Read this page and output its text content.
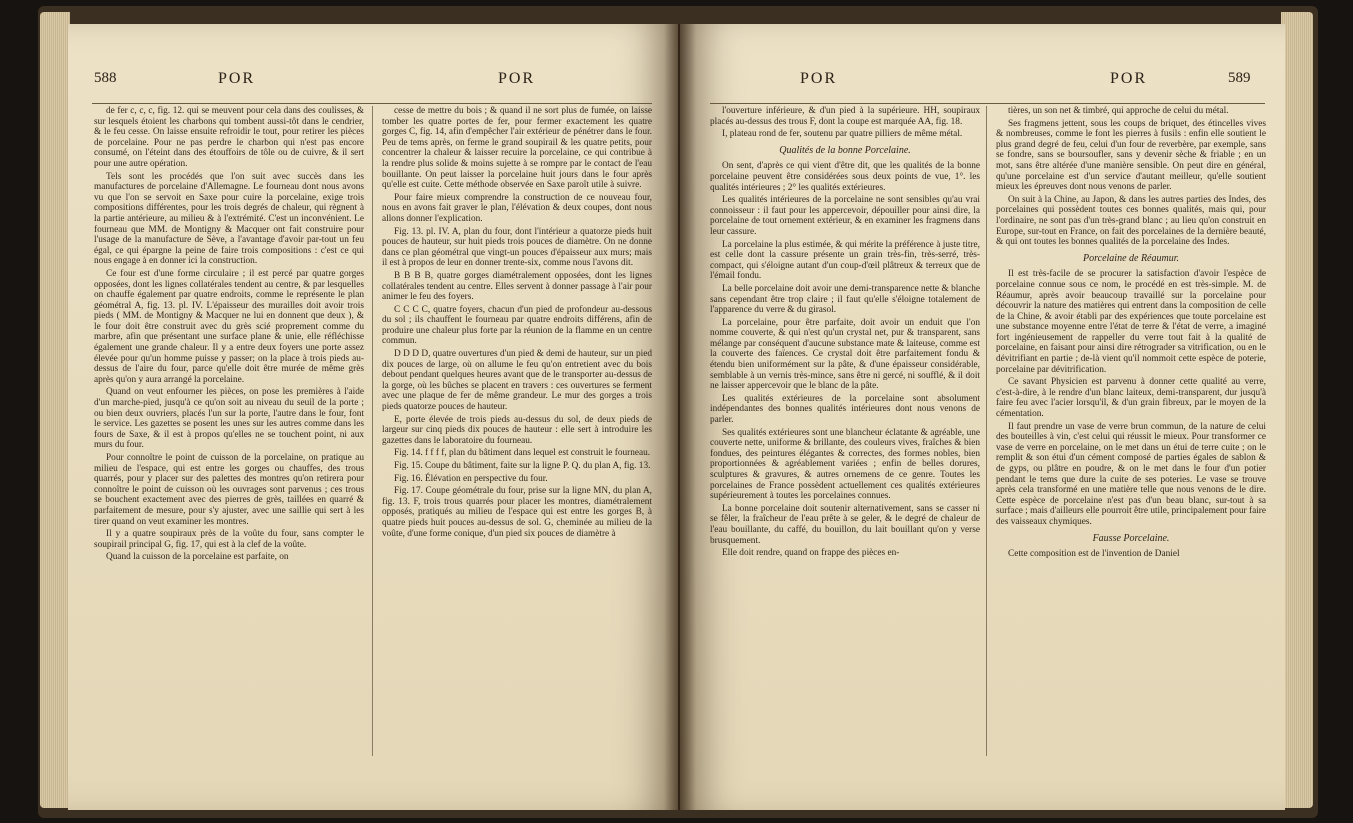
588	POR	POR

de fer c, c, c, fig. 12. qui se meuvent pour cela dans des coulisses, & sur lesquels étoient les charbons qui tombent aussi-tôt dans le cendrier, & le feu cesse. On laisse ensuite refroidir le tout, pour retirer les pièces de porcelaine. Pour ne pas perdre le charbon qui n'est pas encore consumé, on l'éteint dans des étouffoirs de tôle ou de cuivre, & il sert pour une autre opération.

Tels sont les procédés que l'on suit avec succès dans les manufactures de porcelaine d'Allemagne. Le fourneau dont nous avons vu que l'on se servoit en Saxe pour cuire la porcelaine, exige trois compositions différentes, pour les trois degrés de chaleur, qui règnent à la partie antérieure, au milieu & à l'extrémité. C'est un inconvénient. Le fourneau que MM. de Montigny & Macquer ont fait construire pour l'usage de la manufacture de Sève, a l'avantage d'avoir par-tout un feu égal, ce qui épargne la peine de faire trois compositions : c'est ce qui nous engage à en donner ici la construction.

Ce four est d'une forme circulaire ; il est percé par quatre gorges opposées, dont les lignes collatérales tendent au centre, & par lesquelles on chauffe également par quatre endroits, comme le représente le plan géométral A, fig. 13. pl. IV. L'épaisseur des murailles doit avoir trois pieds ( MM. de Montigny & Macquer ne lui en donnent que deux ), & le four doit être construit avec du grès scié proprement comme du marbre, afin que présentant une surface plane & unie, elle réfléchisse également une grande chaleur. Il y a entre deux foyers une porte assez élevée pour qu'un homme puisse y passer; on la place à trois pieds au-dessus de l'aire du four, parce qu'elle doit être murée de même grès après qu'on y aura arrangé la porcelaine.

Quand on veut enfourner les pièces, on pose les premières à l'aide d'un marche-pied, jusqu'à ce qu'on soit au niveau du seuil de la porte ; ou bien deux ouvriers, placés l'un sur la porte, l'autre dans le four, font le service. Les gazettes se posent les unes sur les autres comme dans les fours de Saxe, & il est à propos qu'elles ne se touchent point, ni aux murs du four.

Pour connoître le point de cuisson de la porcelaine, on pratique au milieu de l'espace, qui est entre les gorges ou chauffes, des trous quarrés, pour y placer sur des palettes des montres qu'on retirera pour connoître le point de cuisson où les ouvrages sont parvenus ; ces trous se bouchent exactement avec des pierres de grès, taillées en quarré & parfaitement de mesure, pour s'y ajuster, avec une saillie qui sert à les tirer quand on veut examiner les montres.

Il y a quatre soupiraux près de la voûte du four, sans compter le soupirail principal G, fig. 17, qui est à la clef de la voûte.

Quand la cuisson de la porcelaine est parfaite, on

cesse de mettre du bois ; & quand il ne sort plus de fumée, on laisse tomber les quatre portes de fer, pour fermer exactement les quatre gorges C, fig. 14, afin d'empêcher l'air extérieur de pénétrer dans le four. Peu de tems après, on ferme le grand soupirail & les quatre petits, pour concentrer la chaleur & laisser recuire la porcelaine, ce qui contribue à la rendre plus solide & moins sujette à se rompre par le contact de l'eau bouillante. On peut laisser la porcelaine huit jours dans le four après qu'elle est cuite. Cette méthode observée en Saxe paroît utile à suivre.

Pour faire mieux comprendre la construction de ce nouveau four, nous en avons fait graver le plan, l'élévation & deux coupes, dont nous allons donner l'explication.

Fig. 13. pl. IV. A, plan du four, dont l'intérieur a quatorze pieds huit pouces de hauteur, sur huit pieds trois pouces de diamètre. On ne donne dans ce plan géométral que vingt-un pouces d'épaisseur aux murs; mais il est à propos de leur en donner trente-six, comme nous l'avons dit.

B B B B, quatre gorges diamétralement opposées, dont les lignes collatérales tendent au centre. Elles servent à donner passage à l'air pour animer le feu des foyers.

C C C C, quatre foyers, chacun d'un pied de profondeur au-dessous du sol ; ils chauffent le fourneau par quatre endroits différens, afin de produire une chaleur plus forte par la réunion de la flamme en un centre commun.

D D D D, quatre ouvertures d'un pied & demi de hauteur, sur un pied dix pouces de large, où on allume le feu qu'on entretient avec du bois debout pendant quelques heures avant que de le transporter au-dessus de la gorge, où les bûches se placent en travers : ces ouvertures se ferment avec une plaque de fer de même grandeur. Le mur des gorges a trois pieds quatorze pouces de hauteur.

E, porte élevée de trois pieds au-dessus du sol, de deux pieds de largeur sur cinq pieds dix pouces de hauteur : elle sert à introduire les gazettes dans le laboratoire du fourneau.

Fig. 14. f f f f, plan du bâtiment dans lequel est construit le fourneau.

Fig. 15. Coupe du bâtiment, faite sur la ligne P. Q. du plan A, fig. 13.

Fig. 16. Élévation en perspective du four.

Fig. 17. Coupe géométrale du four, prise sur la ligne MN, du plan A, fig. 13. F, trois trous quarrés pour placer les montres, diamétralement opposés, pratiqués au milieu de l'espace qui est entre les gorges B, à quatre pieds huit pouces au-dessus de sol. G, cheminée au milieu de la voûte, d'une forme conique, d'un pied six pouces de diamètre à

POR	POR	589

l'ouverture inférieure, & d'un pied à la supérieure. HH, soupiraux placés au-dessus des trous F, dont la coupe est marquée AA, fig. 18.

I, plateau rond de fer, soutenu par quatre pilliers de même métal.

Qualités de la bonne Porcelaine.

On sent, d'après ce qui vient d'être dit, que les qualités de la bonne porcelaine peuvent être considérées sous deux points de vue, 1°. les qualités intérieures ; 2° les qualités extérieures.

Les qualités intérieures de la porcelaine ne sont sensibles qu'au vrai connoisseur : il faut pour les appercevoir, dépouiller pour ainsi dire, la porcelaine de tout ornement extérieur, & en examiner les fragmens dans leur cassure.

La porcelaine la plus estimée, & qui mérite la préférence à juste titre, est celle dont la cassure présente un grain très-fin, très-serré, très-compact, qui s'éloigne autant d'un coup-d'œil plâtreux & terreux que de l'émail fondu.

La belle porcelaine doit avoir une demi-transparence nette & blanche sans cependant être trop claire ; il faut qu'elle s'éloigne totalement de l'apparence du verre & du girasol.

La porcelaine, pour être parfaite, doit avoir un enduit que l'on nomme couverte, & qui n'est qu'un crystal net, pur & transparent, sans mélange par conséquent d'aucune substance mate & laiteuse, comme est la couverte des faïences. Ce crystal doit être parfaitement fondu & étendu bien uniformément sur la pâte, & d'une épaisseur considérable, semblable à un vernis très-mince, sans être ni gercé, ni soufflé, & il doit ne laisser appercevoir que le blanc de la pâte.

Les qualités extérieures de la porcelaine sont absolument indépendantes des bonnes qualités intérieures dont nous venons de parler.

Ses qualités extérieures sont une blancheur éclatante & agréable, une couverte nette, uniforme & brillante, des couleurs vives, fraîches & bien fondues, des peintures élégantes & correctes, des formes nobles, bien proportionnées & agréablement variées ; enfin de belles dorures, sculptures & gravures, & autres ornemens de ce genre. Toutes les porcelaines de France possèdent actuellement ces qualités extérieures supérieurement à toutes les porcelaines connues.

La bonne porcelaine doit soutenir alternativement, sans se casser ni se fêler, la fraîcheur de l'eau prête à se geler, & le degré de chaleur de l'eau bouillante, du caffé, du bouillon, du lait bouillant qu'on y verse brusquement.

Elle doit rendre, quand on frappe des pièces en-

tières, un son net & timbré, qui approche de celui du métal.

Ses fragmens jettent, sous les coups de briquet, des étincelles vives & nombreuses, comme le font les pierres à fusils : enfin elle soutient le plus grand degré de feu, celui d'un four de reverbère, par exemple, sans se fondre, sans se boursoufler, sans y devenir sèche & friable ; en un mot, sans être altérée d'une manière sensible. On peut dire en général, qu'une porcelaine est d'un service d'autant meilleur, qu'elle soutient mieux les épreuves dont nous venons de parler.

On suit à la Chine, au Japon, & dans les autres parties des Indes, des porcelaines qui possèdent toutes ces bonnes qualités, mais qui, pour l'ordinaire, ne sont pas d'un très-grand blanc ; au lieu qu'on construit en Europe, sur-tout en France, on fait des porcelaines de la dernière beauté, & qui ont toutes les bonnes qualités de la porcelaine des Indes.

Porcelaine de Réaumur.

Il est très-facile de se procurer la satisfaction d'avoir l'espèce de porcelaine connue sous ce nom, le procédé en est très-simple. M. de Réaumur, après avoir beaucoup travaillé sur la porcelaine pour découvrir la nature des matières qui entrent dans la composition de celle de la Chine, & avoir établi par des expériences que toute porcelaine est une substance moyenne entre l'état de terre & l'état de verre, a imaginé fort ingénieusement de rappeller du verre tout fait à la qualité de porcelaine, en faisant pour ainsi dire rétrograder sa vitrification, ou en le dévitrifiant en partie ; de-là vient qu'il nommoit cette espèce de poterie, porcelaine par dévitrification.

Ce savant Physicien est parvenu à donner cette qualité au verre, c'est-à-dire, à le rendre d'un blanc laiteux, demi-transparent, dur jusqu'à faire feu avec l'acier lorsqu'il, & d'un grain fibreux, par le moyen de la cémentation.

Il faut prendre un vase de verre brun commun, de la nature de celui des bouteilles à vin, c'est celui qui réussit le mieux. Pour transformer ce vase de verre en porcelaine, on le met dans un étui de terre cuite ; on le remplit & son étui d'un cément composé de parties égales de sablon & de gyps, ou plâtre en poudre, & on le met dans le four d'un potier pendant le tems que dure la cuite de ses poteries. Le vase se trouve après cela transformé en une matière telle que nous venons de le dire. Cette espèce de porcelaine n'est pas d'un beau blanc, sur-tout à sa surface ; mais d'ailleurs elle pourroit être utile, principalement pour faire des vaisseaux chymiques.

Fausse Porcelaine.

Cette composition est de l'invention de Daniel
